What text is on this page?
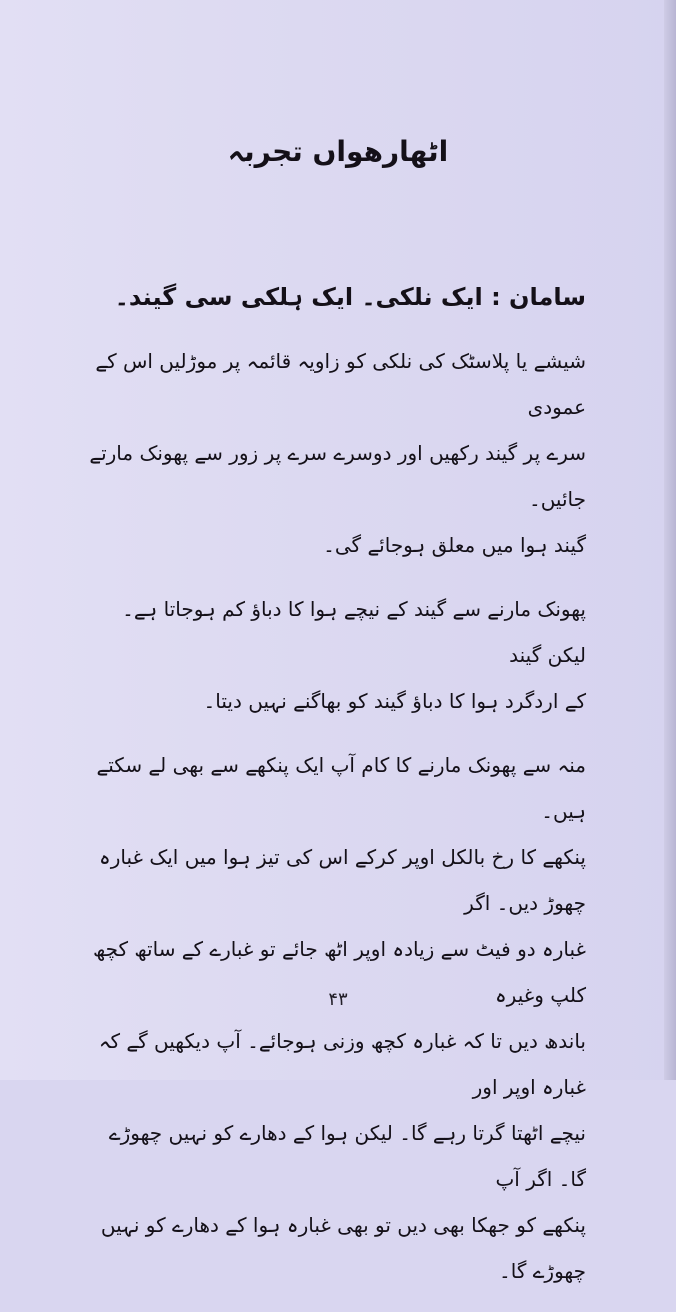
اٹھارھواں تجربہ

سامان : ایک نلکی۔ ایک ہلکی سی گیند۔

شیشے یا پلاسٹک کی نلکی کو زاویہ قائمہ پر موڑلیں اس کے عمودی

سرے پر گیند رکھیں اور دوسرے سرے پر زور سے پھونک مارتے جائیں۔

گیند ہوا میں معلق ہوجائے گی۔

پھونک مارنے سے گیند کے نیچے ہوا کا دباؤ کم ہوجاتا ہے۔ لیکن گیند

کے اردگرد ہوا کا دباؤ گیند کو بھاگنے نہیں دیتا۔

منہ سے پھونک مارنے کا کام آپ ایک پنکھے سے بھی لے سکتے ہیں۔

پنکھے کا رخ بالکل اوپر کرکے اس کی تیز ہوا میں ایک غبارہ چھوڑ دیں۔ اگر

غبارہ دو فیٹ سے زیادہ اوپر اٹھ جائے تو غبارے کے ساتھ کچھ کلپ وغیرہ

باندھ دیں تا کہ غبارہ کچھ وزنی ہوجائے۔ آپ دیکھیں گے کہ غبارہ اوپر اور

نیچے اٹھتا گرتا رہے گا۔ لیکن ہوا کے دھارے کو نہیں چھوڑے گا۔ اگر آپ

پنکھے کو جھکا بھی دیں تو بھی غبارہ ہوا کے دھارے کو نہیں چھوڑے گا۔

۴۳
